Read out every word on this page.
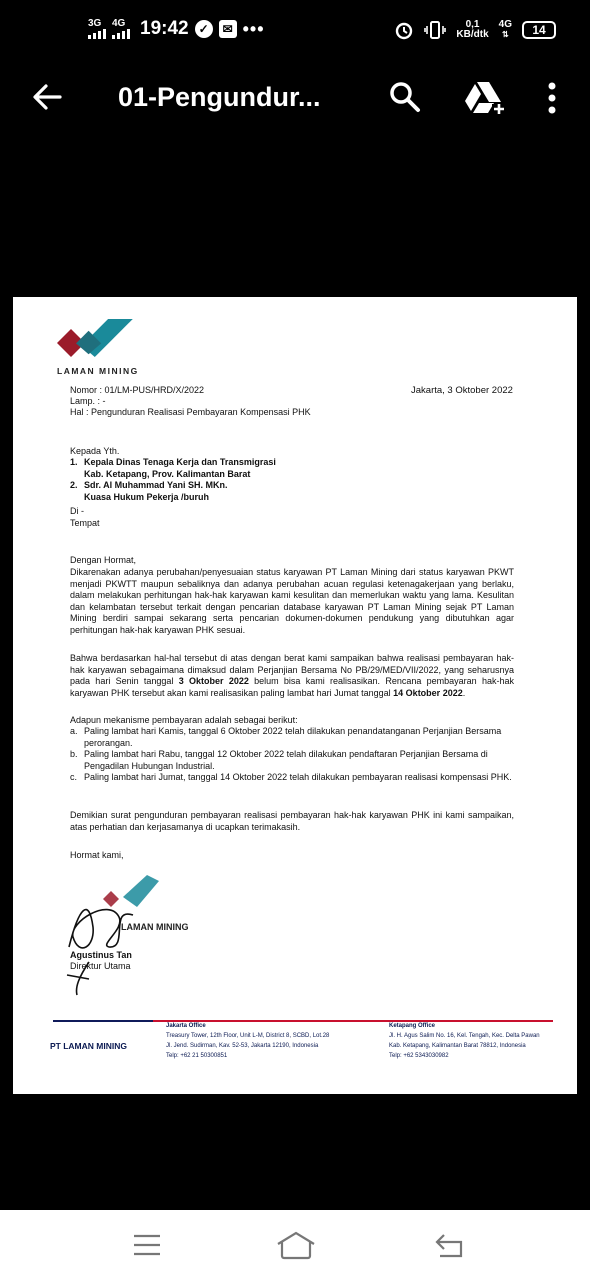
3G 4G 19:42 ✓	✉ •••	0,1
KB/dtk
4G
⇅	14
01-Pengundur...
LAMAN MINING
Nomor : 01/LM-PUS/HRD/X/2022
Lamp. : -
Hal : Pengunduran Realisasi Pembayaran Kompensasi PHK
Jakarta, 3 Oktober 2022
Kepada Yth.
1. Kepala Dinas Tenaga Kerja dan Transmigrasi
Kab. Ketapang, Prov. Kalimantan Barat
2. Sdr. Al Muhammad Yani SH. MKn.
Kuasa Hukum Pekerja /buruh
Di -
Tempat
Dengan Hormat,
Dikarenakan adanya perubahan/penyesuaian status karyawan PT Laman Mining dari status karyawan PKWT menjadi PKWTT maupun sebaliknya dan adanya perubahan acuan regulasi ketenagakerjaan yang berlaku, dalam melakukan perhitungan hak-hak karyawan kami kesulitan dan memerlukan waktu yang lama. Kesulitan dan kelambatan tersebut terkait dengan pencarian database karyawan PT Laman Mining sejak PT Laman Mining berdiri sampai sekarang serta pencarian dokumen-dokumen pendukung yang dibutuhkan agar perhitungan hak-hak karyawan PHK sesuai.
Bahwa berdasarkan hal-hal tersebut di atas dengan berat kami sampaikan bahwa realisasi pembayaran hak-hak karyawan sebagaimana dimaksud dalam Perjanjian Bersama No PB/29/MED/VII/2022, yang seharusnya pada hari Senin tanggal 3 Oktober 2022 belum bisa kami realisasikan. Rencana pembayaran hak-hak karyawan PHK tersebut akan kami realisasikan paling lambat hari Jumat tanggal 14 Oktober 2022.
Adapun mekanisme pembayaran adalah sebagai berikut:
a. Paling lambat hari Kamis, tanggal 6 Oktober 2022 telah dilakukan penandatanganan Perjanjian Bersama perorangan.
b. Paling lambat hari Rabu, tanggal 12 Oktober 2022 telah dilakukan pendaftaran Perjanjian Bersama di Pengadilan Hubungan Industrial.
c. Paling lambat hari Jumat, tanggal 14 Oktober 2022 telah dilakukan pembayaran realisasi kompensasi PHK.
Demikian surat pengunduran pembayaran realisasi pembayaran hak-hak karyawan PHK ini kami sampaikan, atas perhatian dan kerjasamanya di ucapkan terimakasih.
Hormat kami,
LAMAN MINING
Agustinus Tan
Direktur Utama
PT LAMAN MINING
Jakarta Office
Treasury Tower, 12th Floor, Unit L-M, District 8, SCBD, Lot.28
Jl. Jend. Sudirman, Kav. 52-53, Jakarta 12190, Indonesia
Telp: +62 21 50300851
Ketapang Office
Jl. H. Agus Salim No. 16, Kel. Tengah, Kec. Delta Pawan
Kab. Ketapang, Kalimantan Barat 78812, Indonesia
Telp: +62 5343030982
